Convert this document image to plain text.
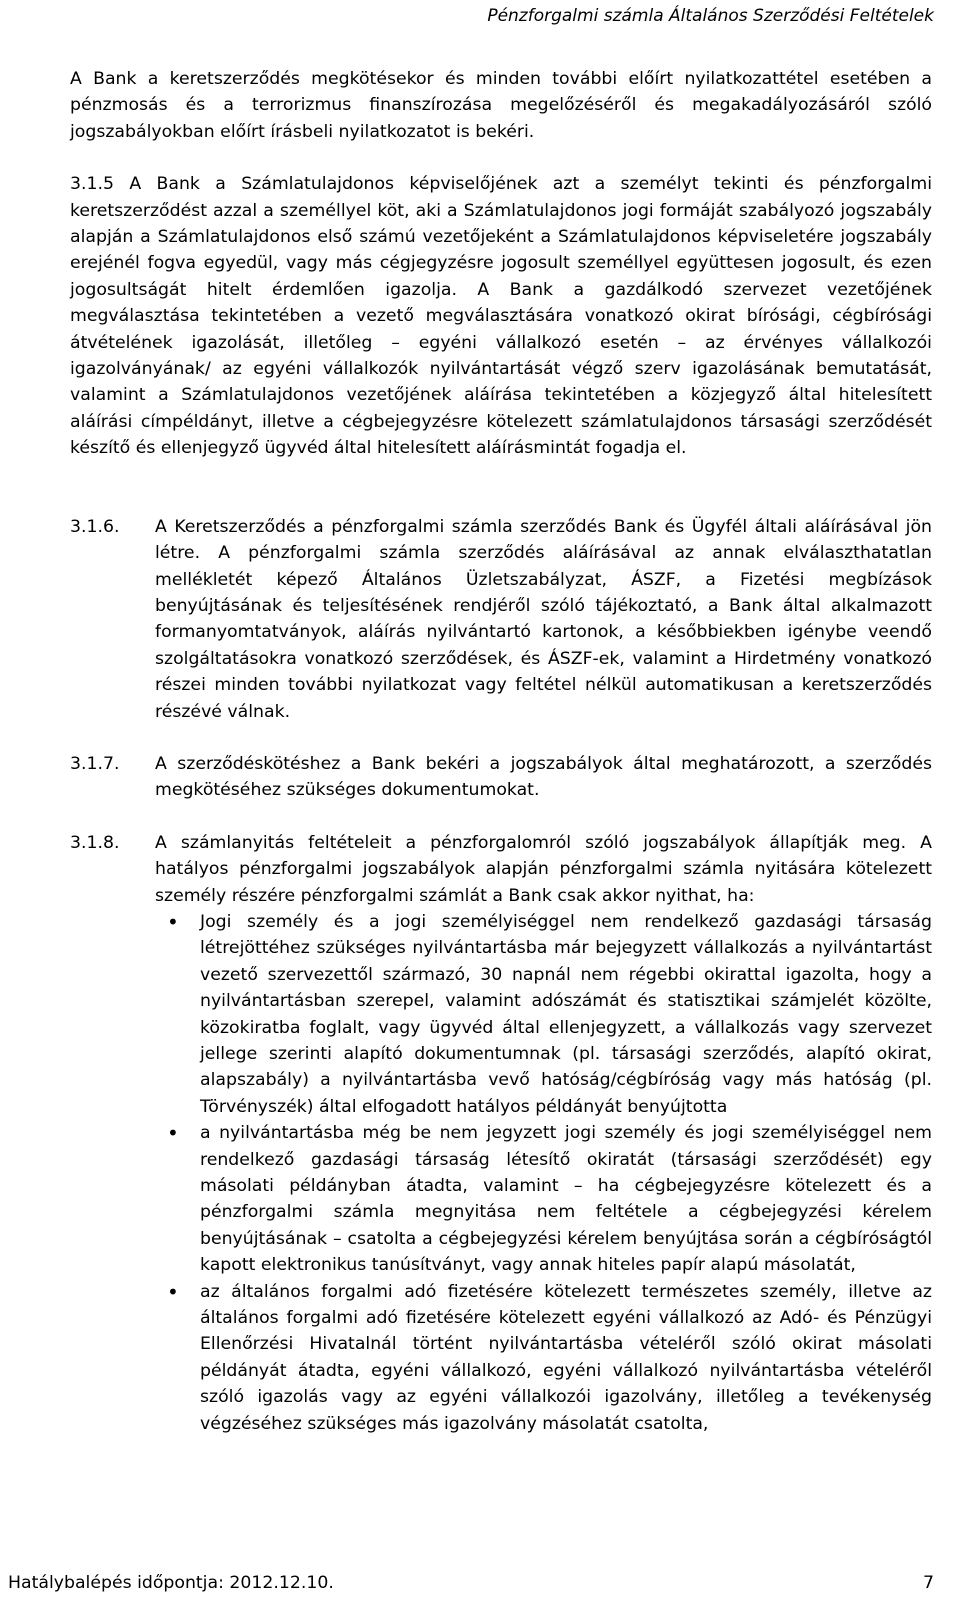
Pénzforgalmi számla Általános Szerződési Feltételek

A Bank a keretszerződés megkötésekor és minden további előírt nyilatkozattétel esetében a pénzmosás és a terrorizmus finanszírozása megelőzéséről és megakadályozásáról szóló jogszabályokban előírt írásbeli nyilatkozatot is bekéri.

3.1.5 A Bank a Számlatulajdonos képviselőjének azt a személyt tekinti és pénzforgalmi keretszerződést azzal a személlyel köt, aki a Számlatulajdonos jogi formáját szabályozó jogszabály alapján a Számlatulajdonos első számú vezetőjeként a Számlatulajdonos képviseletére jogszabály erejénél fogva egyedül, vagy más cégjegyzésre jogosult személlyel együttesen jogosult, és ezen jogosultságát hitelt érdemlően igazolja. A Bank a gazdálkodó szervezet vezetőjének megválasztása tekintetében a vezető megválasztására vonatkozó okirat bírósági, cégbírósági átvételének igazolását, illetőleg – egyéni vállalkozó esetén – az érvényes vállalkozói igazolványának/ az egyéni vállalkozók nyilvántartását végző szerv igazolásának bemutatását, valamint a Számlatulajdonos vezetőjének aláírása tekintetében a közjegyző által hitelesített aláírási címpéldányt, illetve a cégbejegyzésre kötelezett számlatulajdonos társasági szerződését készítő és ellenjegyző ügyvéd által hitelesített aláírásmintát fogadja el.
3.1.6.	A Keretszerződés a pénzforgalmi számla szerződés Bank és Ügyfél általi aláírásával jön létre. A pénzforgalmi számla szerződés aláírásával az annak elválaszthatatlan mellékletét képező Általános Üzletszabályzat, ÁSZF, a Fizetési megbízások benyújtásának és teljesítésének rendjéről szóló tájékoztató, a Bank által alkalmazott formanyomtatványok, aláírás nyilvántartó kartonok, a későbbiekben igénybe veendő szolgáltatásokra vonatkozó szerződések, és ÁSZF-ek, valamint a Hirdetmény vonatkozó részei minden további nyilatkozat vagy feltétel nélkül automatikusan a keretszerződés részévé válnak.
3.1.7.	A szerződéskötéshez a Bank bekéri a jogszabályok által meghatározott, a szerződés megkötéséhez szükséges dokumentumokat.
3.1.8.	A számlanyitás feltételeit a pénzforgalomról szóló jogszabályok állapítják meg. A hatályos pénzforgalmi jogszabályok alapján pénzforgalmi számla nyitására kötelezett személy részére pénzforgalmi számlát a Bank csak akkor nyithat, ha:
•	Jogi személy és a jogi személyiséggel nem rendelkező gazdasági társaság létrejöttéhez szükséges nyilvántartásba már bejegyzett vállalkozás a nyilvántartást vezető szervezettől származó, 30 napnál nem régebbi okirattal igazolta, hogy a nyilvántartásban szerepel, valamint adószámát és statisztikai számjelét közölte, közokiratba foglalt, vagy ügyvéd által ellenjegyzett, a vállalkozás vagy szervezet jellege szerinti alapító dokumentumnak (pl. társasági szerződés, alapító okirat, alapszabály) a nyilvántartásba vevő hatóság/cégbíróság vagy más hatóság (pl. Törvényszék) által elfogadott hatályos példányát benyújtotta
•	a nyilvántartásba még be nem jegyzett jogi személy és jogi személyiséggel nem rendelkező gazdasági társaság létesítő okiratát (társasági szerződését) egy másolati példányban átadta, valamint – ha cégbejegyzésre kötelezett és a pénzforgalmi számla megnyitása nem feltétele a cégbejegyzési kérelem benyújtásának – csatolta a cégbejegyzési kérelem benyújtása során a cégbíróságtól kapott elektronikus tanúsítványt, vagy annak hiteles papír alapú másolatát,
•	az általános forgalmi adó fizetésére kötelezett természetes személy, illetve az általános forgalmi adó fizetésére kötelezett egyéni vállalkozó az Adó- és Pénzügyi Ellenőrzési Hivatalnál történt nyilvántartásba vételéről szóló okirat másolati példányát átadta, egyéni vállalkozó, egyéni vállalkozó nyilvántartásba vételéről szóló igazolás vagy az egyéni vállalkozói igazolvány, illetőleg a tevékenység végzéséhez szükséges más igazolvány másolatát csatolta,
Hatálybalépés időpontja: 2012.12.10.	7
